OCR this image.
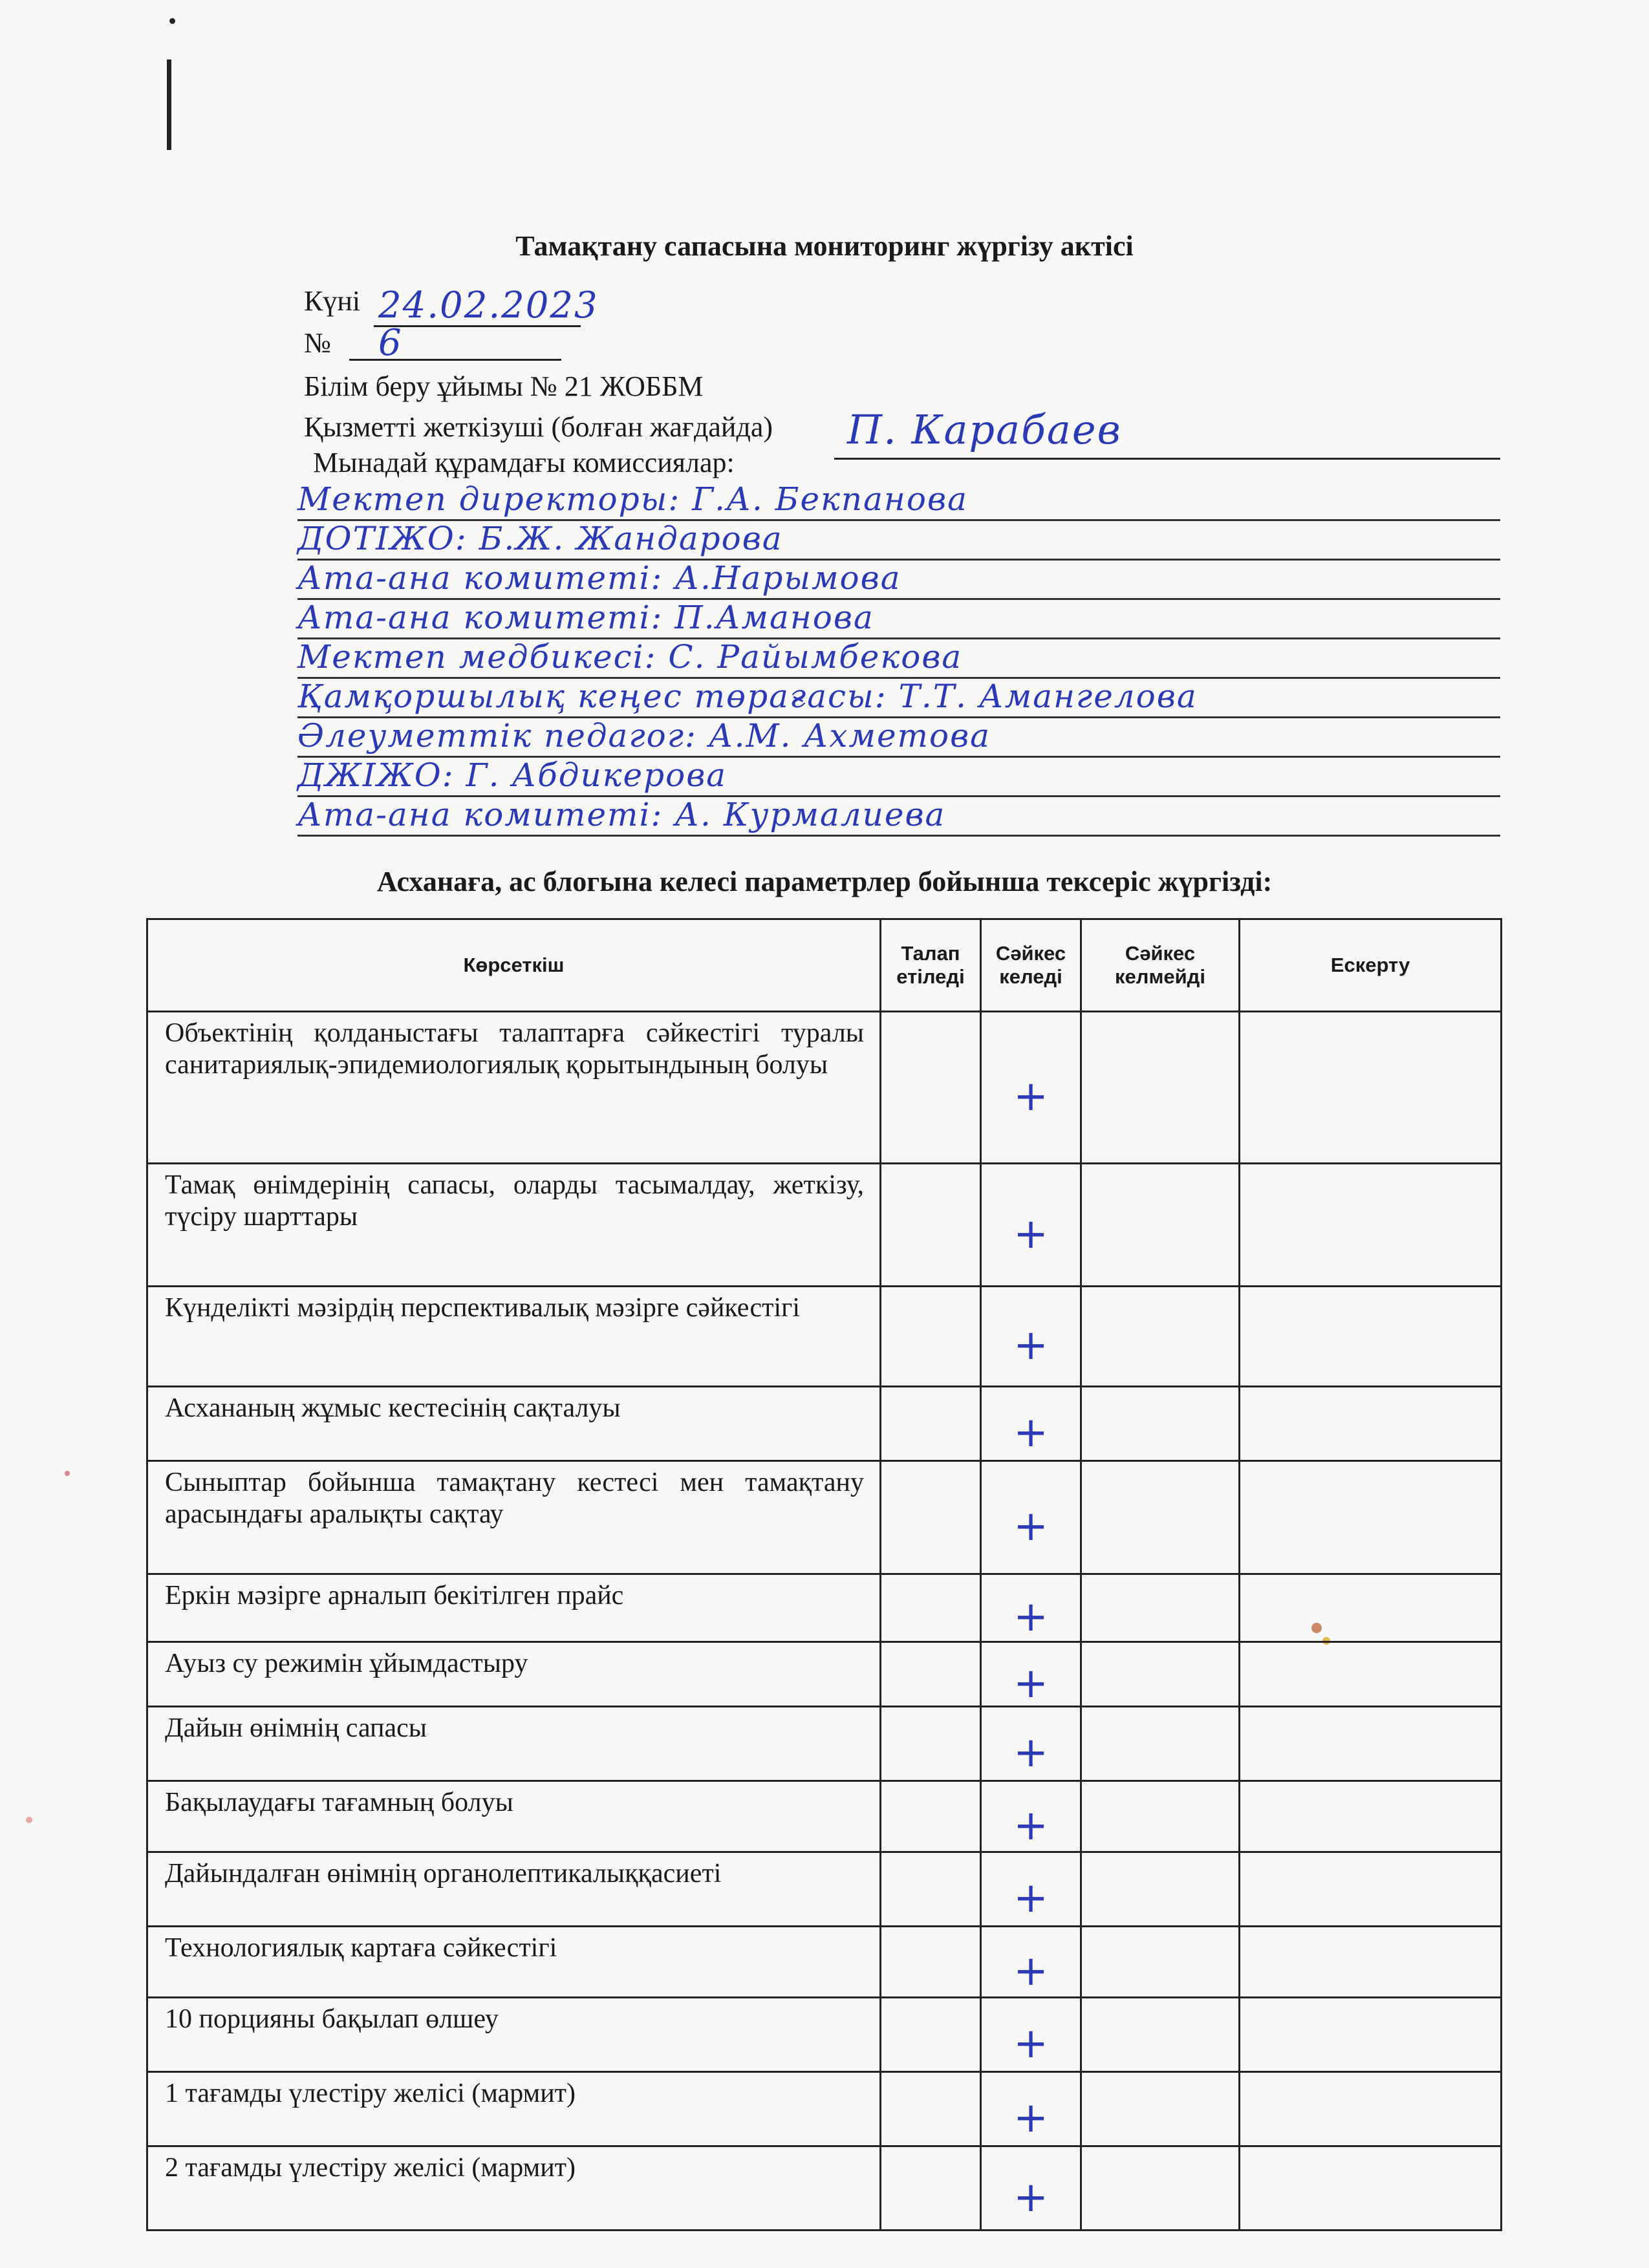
Тамақтану сапасына мониторинг жүргізу актісі
Күні 24.02.2023
№ 6
Білім беру ұйымы № 21 ЖОББМ
Қызметті жеткізуші (болған жағдайда) П. Карабаев
Мынадай құрамдағы комиссиялар:
Мектеп директоры: Г.А. Бекпанова
ДОТІЖО: Б.Ж. Жандарова
Ата-ана комитеті: А.Нарымова
Ата-ана комитеті: П.Аманова
Мектеп медбикесі: С. Райымбекова
Қамқоршылық кеңес төрағасы: Т.Т. Амангелова
Әлеуметтік педагог: А.М. Ахметова
ДЖІЖО: Г. Абдикерова
Ата-ана комитеті: А. Курмалиева
Асханаға, ас блогына келесі параметрлер бойынша тексеріс жүргізді:
Көрсеткіш	Талап етіледі	Сәйкес келеді	Сәйкес келмейді	Ескерту
Объектінің қолданыстағы талаптарға сәйкестігі туралы санитариялық-эпидемиологиялық қорытындының болуы		+		
Тамақ өнімдерінің сапасы, оларды тасымалдау, жеткізу, түсіру шарттары		+		
Күнделікті мәзірдің перспективалық мәзірге сәйкестігі		+		
Асхананың жұмыс кестесінің сақталуы		+		
Сыныптар бойынша тамақтану кестесі мен тамақтану арасындағы аралықты сақтау		+		
Еркін мәзірге арналып бекітілген прайс		+		
Ауыз су режимін ұйымдастыру		+		
Дайын өнімнің сапасы		+		
Бақылаудағы тағамның болуы		+		
Дайындалған өнімнің органолептикалыққасиеті		+		
Технологиялық картаға сәйкестігі		+		
10 порцияны бақылап өлшеу		+		
1 тағамды үлестіру желісі (мармит)		+		
2 тағамды үлестіру желісі (мармит)		+		
